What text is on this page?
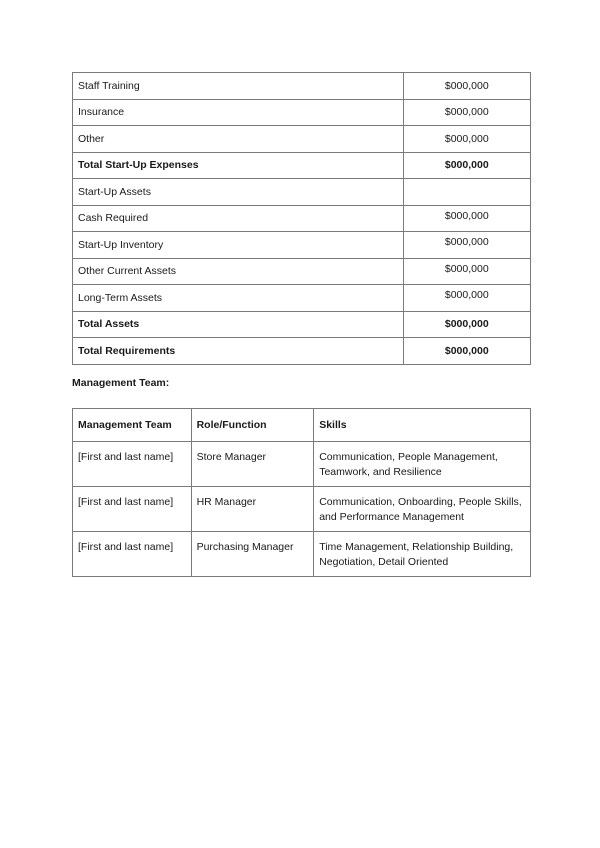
Staff Training	$000,000
Insurance	$000,000
Other	$000,000
Total Start-Up Expenses	$000,000
Start-Up Assets	
Cash Required	$000,000
Start-Up Inventory	$000,000
Other Current Assets	$000,000
Long-Term Assets	$000,000
Total Assets	$000,000
Total Requirements	$000,000
Management Team:
Management Team	Role/Function	Skills
[First and last name]	Store Manager	Communication, People Management, Teamwork, and Resilience
[First and last name]	HR Manager	Communication, Onboarding, People Skills, and Performance Management
[First and last name]	Purchasing Manager	Time Management, Relationship Building, Negotiation, Detail Oriented
